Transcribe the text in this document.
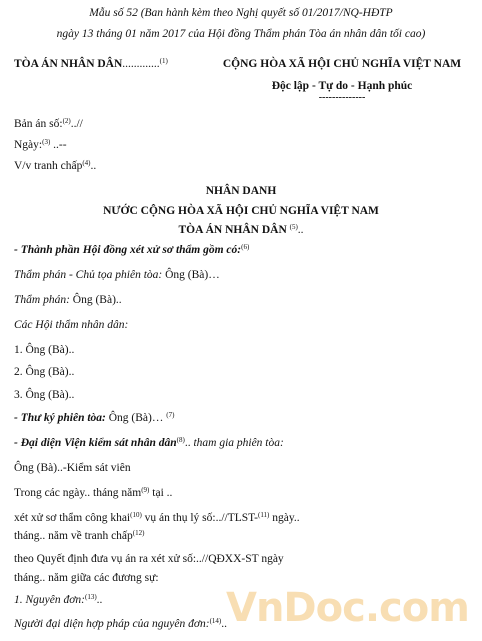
Mẫu số 52 (Ban hành kèm theo Nghị quyết số 01/2017/NQ-HĐTP
ngày 13 tháng 01 năm 2017 của Hội đồng Thẩm phán Tòa án nhân dân tối cao)
TÒA ÁN NHÂN DÂN.............$^{(1)}$	CỘNG HÒA XÃ HỘI CHỦ NGHĨA VIỆT NAM
Độc lập - Tự do - Hạnh phúc
--------------
Bản án số:$^{(2)}$..//
Ngày:$^{(3)}$ ..--
V/v tranh chấp$^{(4)}$..
NHÂN DANH
NƯỚC CỘNG HÒA XÃ HỘI CHỦ NGHĨA VIỆT NAM
TÒA ÁN NHÂN DÂN $^{(5)}$..
- Thành phần Hội đồng xét xử sơ thẩm gồm có:$^{(6)}$
Thẩm phán - Chủ tọa phiên tòa: Ông (Bà)…
Thẩm phán: Ông (Bà)..
Các Hội thẩm nhân dân:
1. Ông (Bà)..
2. Ông (Bà)..
3. Ông (Bà)..
- Thư ký phiên tòa: Ông (Bà)… $^{(7)}$
- Đại diện Viện kiểm sát nhân dân$^{(8)}$.. tham gia phiên tòa:
Ông (Bà)..-Kiểm sát viên
Trong các ngày.. tháng năm$^{(9)}$ tại ..
xét xử sơ thẩm công khai$^{(10)}$ vụ án thụ lý số:..//TLST-$^{(11)}$ ngày..
tháng.. năm về tranh chấp$^{(12)}$
theo Quyết định đưa vụ án ra xét xử số:..//QĐXX-ST ngày
tháng.. năm giữa các đương sự:
1. Nguyên đơn:$^{(13)}$..
Người đại diện hợp pháp của nguyên đơn:$^{(14)}$.. VnDoc.com
